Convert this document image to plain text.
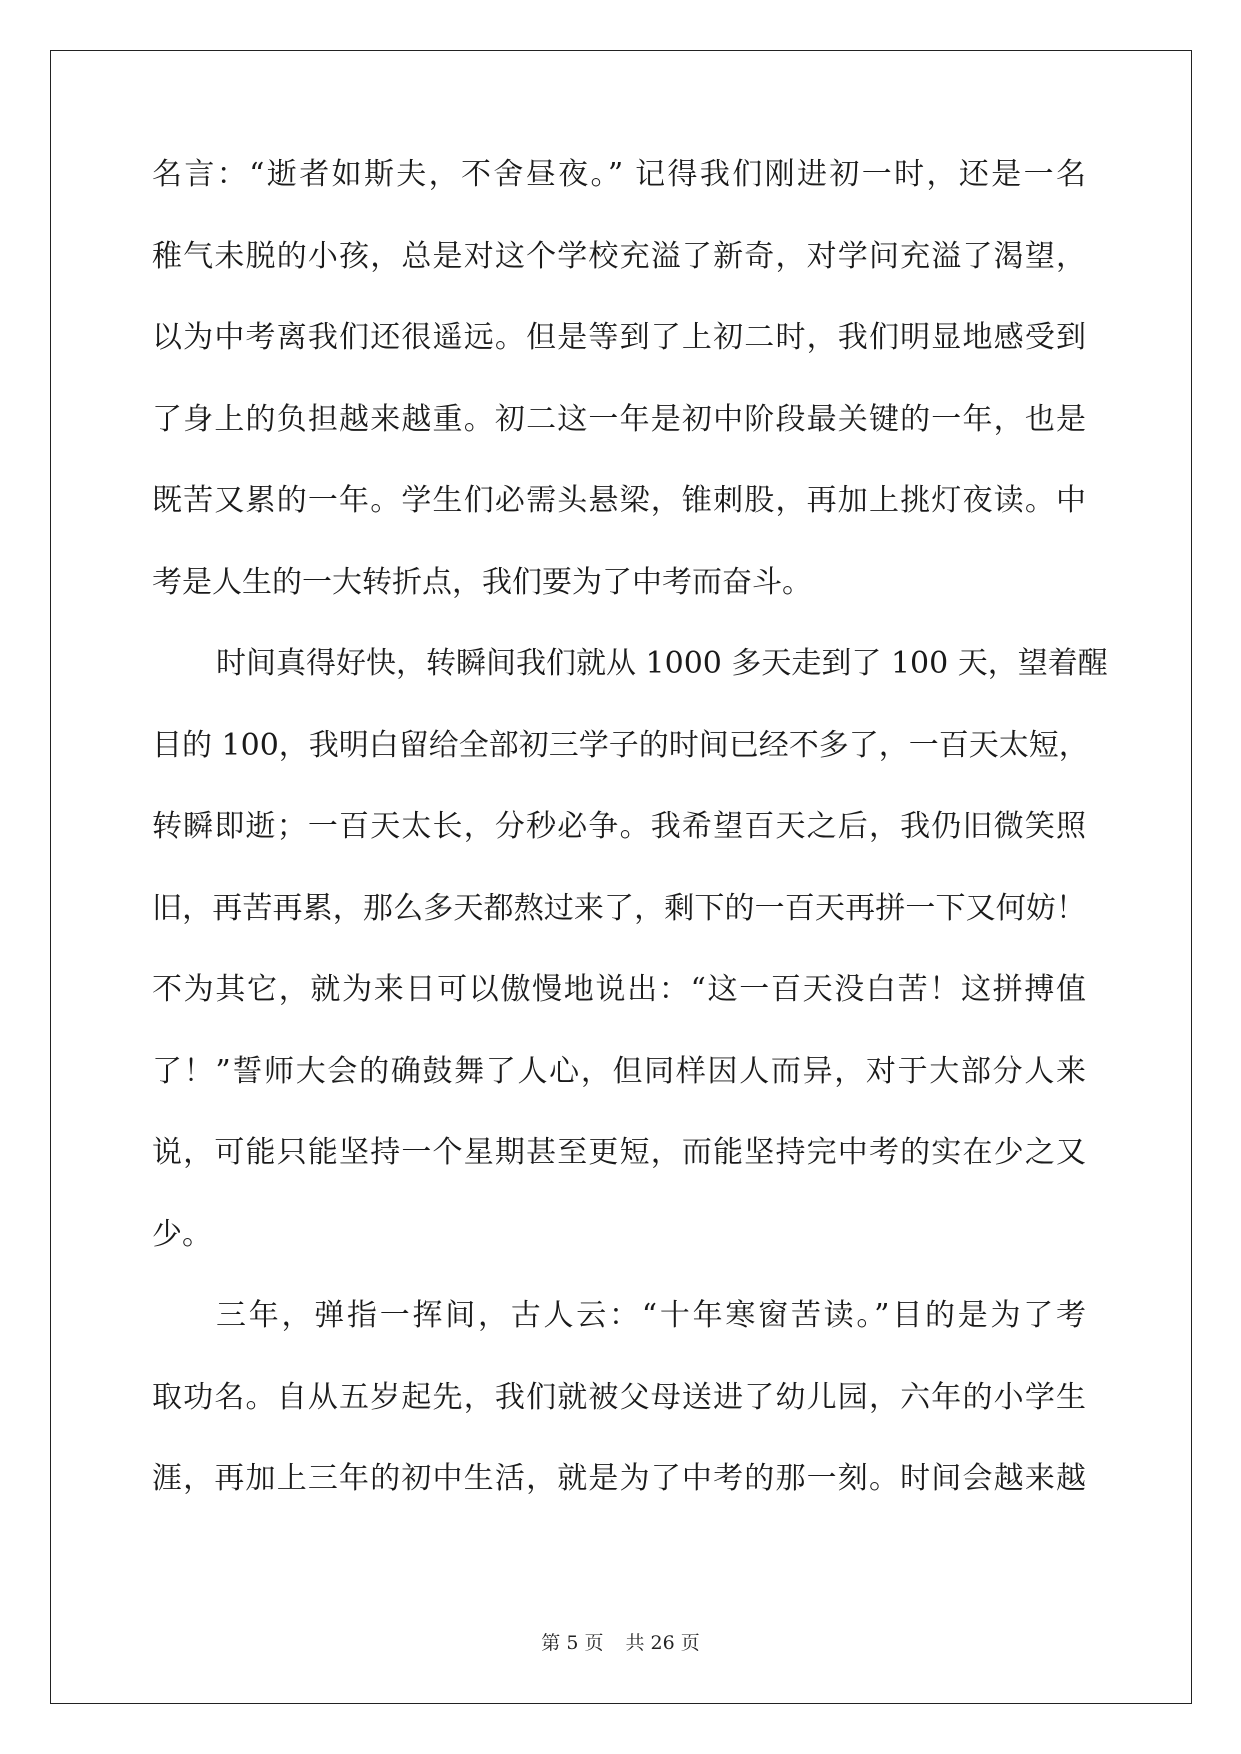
名言：“逝者如斯夫，不舍昼夜。” 记得我们刚进初一时，还是一名
稚气未脱的小孩，总是对这个学校充溢了新奇，对学问充溢了渴望，
以为中考离我们还很遥远。但是等到了上初二时，我们明显地感受到
了身上的负担越来越重。初二这一年是初中阶段最关键的一年，也是
既苦又累的一年。学生们必需头悬梁，锥刺股，再加上挑灯夜读。中
考是人生的一大转折点，我们要为了中考而奋斗。
时间真得好快，转瞬间我们就从 1000 多天走到了 100 天，望着醒
目的 100，我明白留给全部初三学子的时间已经不多了，一百天太短，
转瞬即逝；一百天太长，分秒必争。我希望百天之后，我仍旧微笑照
旧，再苦再累，那么多天都熬过来了，剩下的一百天再拼一下又何妨！
不为其它，就为来日可以傲慢地说出：“这一百天没白苦！这拼搏值
了！”誓师大会的确鼓舞了人心，但同样因人而异，对于大部分人来
说，可能只能坚持一个星期甚至更短，而能坚持完中考的实在少之又
少。
三年，弹指一挥间，古人云：“十年寒窗苦读。”目的是为了考
取功名。自从五岁起先，我们就被父母送进了幼儿园，六年的小学生
涯，再加上三年的初中生活，就是为了中考的那一刻。时间会越来越
第 5 页 共 26 页
